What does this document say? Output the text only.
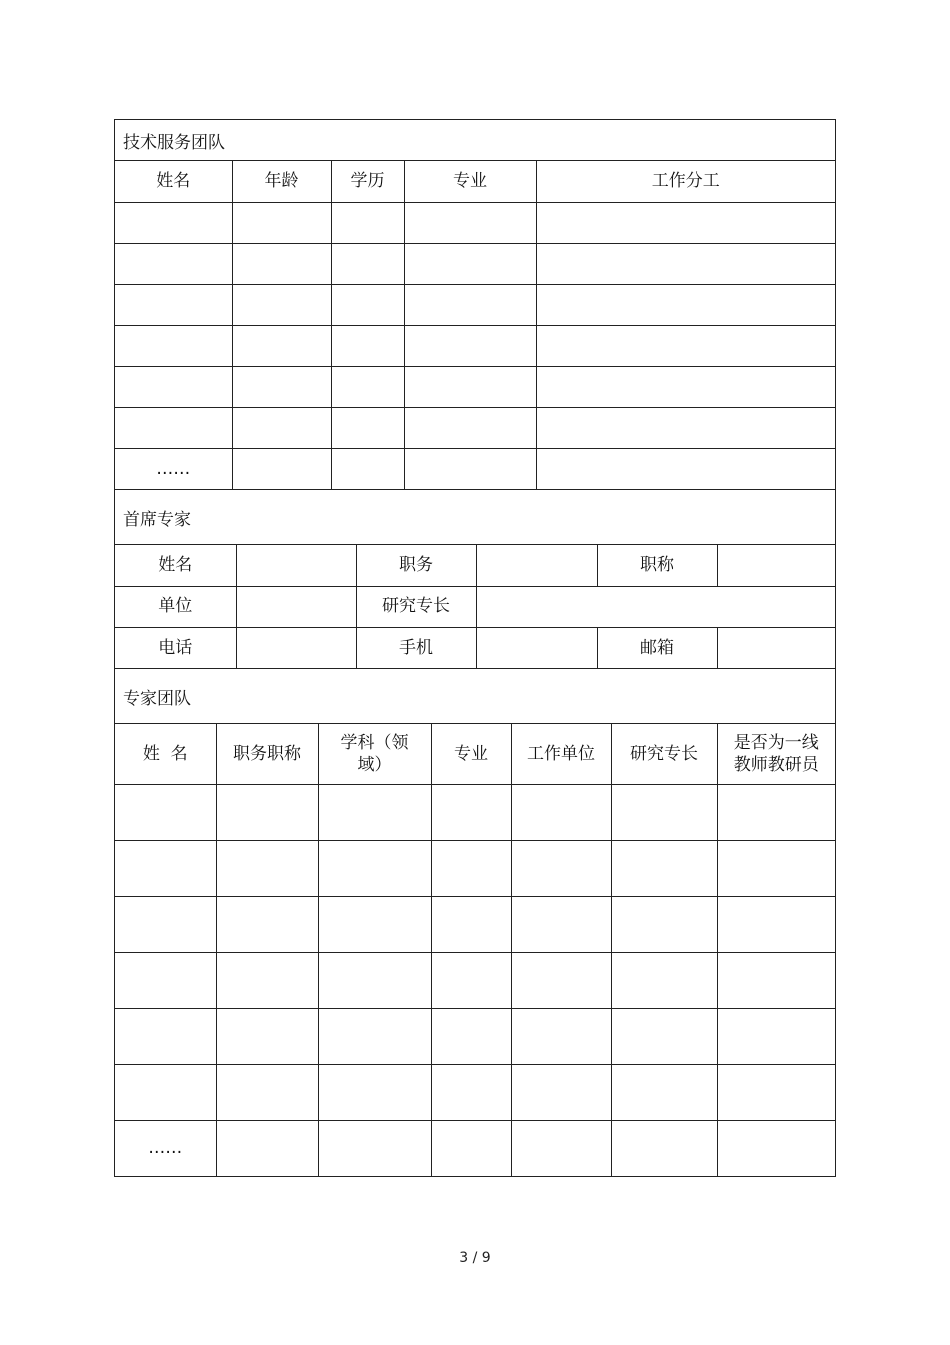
技术服务团队
姓名	年龄	学历	专业	工作分工

……				
首席专家
姓名		职务		职称	
单位		研究专长			
电话		手机		邮箱	
专家团队
姓  名	职务职称	学科（领域）	专业	工作单位	研究专长	是否为一线教师教研员

……						
3 / 9
